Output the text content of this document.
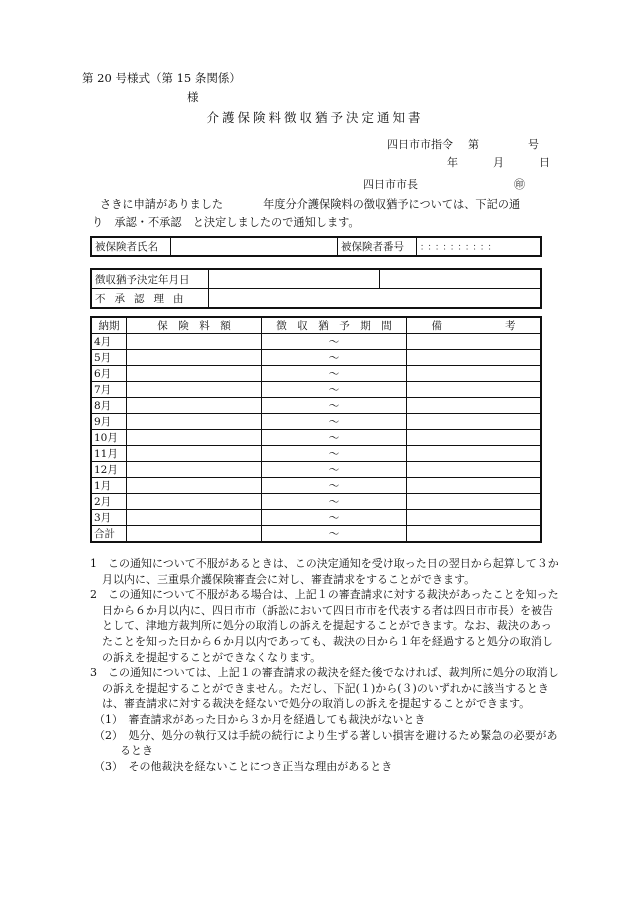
第 20 号様式（第 15 条関係）
様
介護保険料徴収猶予決定通知書
四日市市指令 第	号
年	月	日
四日市市長	㊞
さきに申請がありました	年度分介護保険料の徴収猶予については、下記の通
り　承認・不承認　と決定しましたので通知します。
被保険者氏名		被保険者番号	：：：：：：：：：：
徴収猶予決定年月日		
不承認理由		
納期	保　険　料　額	徴　収　猶　予　期　間	備　　　　　　考
4月		～	
5月		～	
6月		～	
7月		～	
8月		～	
9月		～	
10月		～	
11月		～	
12月		～	
1月		～	
2月		～	
3月		～	
合計		～	

1　この通知について不服があるときは、この決定通知を受け取った日の翌日から起算して３か月以内に、三重県介護保険審査会に対し、審査請求をすることができます。

2　この通知について不服がある場合は、上記１の審査請求に対する裁決があったことを知った日から６か月以内に、四日市市（訴訟において四日市市を代表する者は四日市市長）を被告として、津地方裁判所に処分の取消しの訴えを提起することができます。なお、裁決のあったことを知った日から６か月以内であっても、裁決の日から１年を経過すると処分の取消しの訴えを提起することができなくなります。

3　この通知については、上記１の審査請求の裁決を経た後でなければ、裁判所に処分の取消しの訴えを提起することができません。ただし、下記(１)から(３)のいずれかに該当するときは、審査請求に対する裁決を経ないで処分の取消しの訴えを提起することができます。

（1）　審査請求があった日から３か月を経過しても裁決がないとき

（2）　処分、処分の執行又は手続の続行により生ずる著しい損害を避けるため緊急の必要があるとき

（3）　その他裁決を経ないことにつき正当な理由があるとき
